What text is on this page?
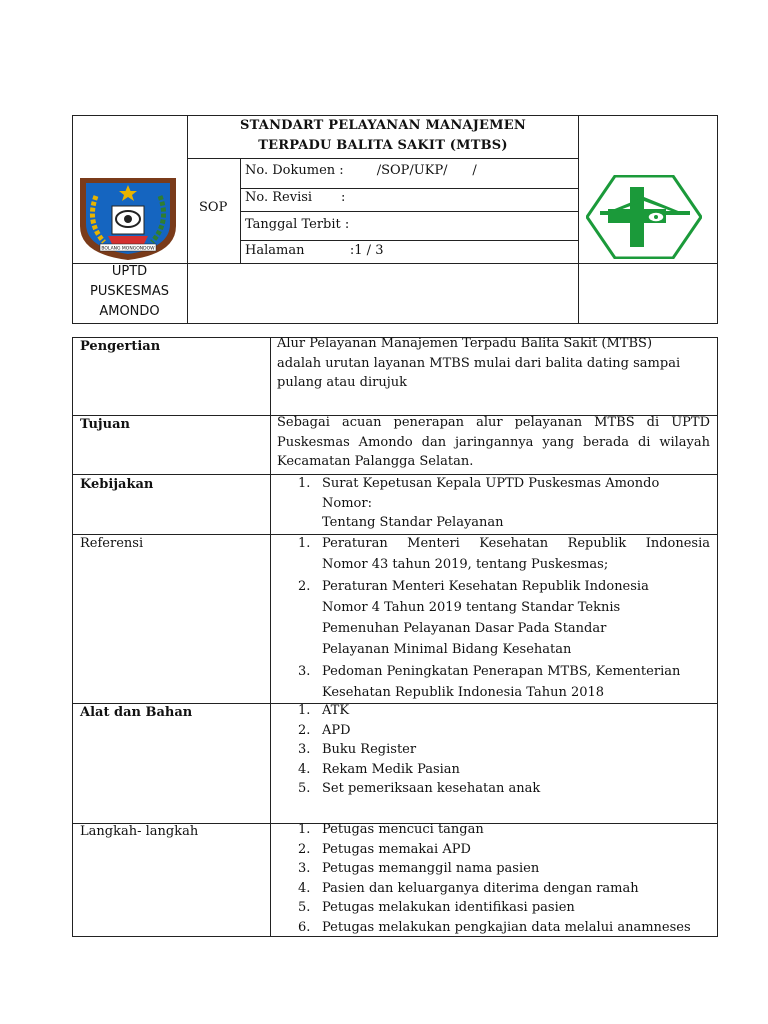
BOLANG MONGONDOW
STANDART PELAYANAN MANAJEMEN
TERPADU BALITA SAKIT (MTBS)
SOP
No. Dokumen :        /SOP/UKP/      /
No. Revisi       :
Tanggal Terbit :
Halaman           :1 / 3
UPTD
PUSKESMAS
AMONDO
Pengertian	Alur Pelayanan Manajemen Terpadu Balita Sakit (MTBS)
adalah urutan layanan MTBS mulai dari balita dating sampai
pulang atau dirujuk
Tujuan	Sebagai acuan penerapan alur pelayanan MTBS di UPTD
Puskesmas Amondo dan jaringannya yang berada di wilayah
Kecamatan Palangga Selatan.
Kebijakan	1. Surat Kepetusan Kepala UPTD Puskesmas Amondo
Nomor:
Tentang Standar Pelayanan
Referensi	1. Peraturan Menteri Kesehatan Republik Indonesia
Nomor 43 tahun 2019, tentang Puskesmas;
2. Peraturan Menteri Kesehatan Republik Indonesia
Nomor 4 Tahun 2019 tentang Standar Teknis
Pemenuhan Pelayanan Dasar Pada Standar
Pelayanan Minimal Bidang Kesehatan
3. Pedoman Peningkatan Penerapan MTBS, Kementerian
Kesehatan Republik Indonesia Tahun 2018
Alat dan Bahan	1. ATK
2. APD
3. Buku Register
4. Rekam Medik Pasian
5. Set pemeriksaan kesehatan anak
Langkah- langkah	1. Petugas mencuci tangan
2. Petugas memakai APD
3. Petugas memanggil nama pasien
4. Pasien dan keluarganya diterima dengan ramah
5. Petugas melakukan identifikasi pasien
6. Petugas melakukan pengkajian data melalui anamneses
